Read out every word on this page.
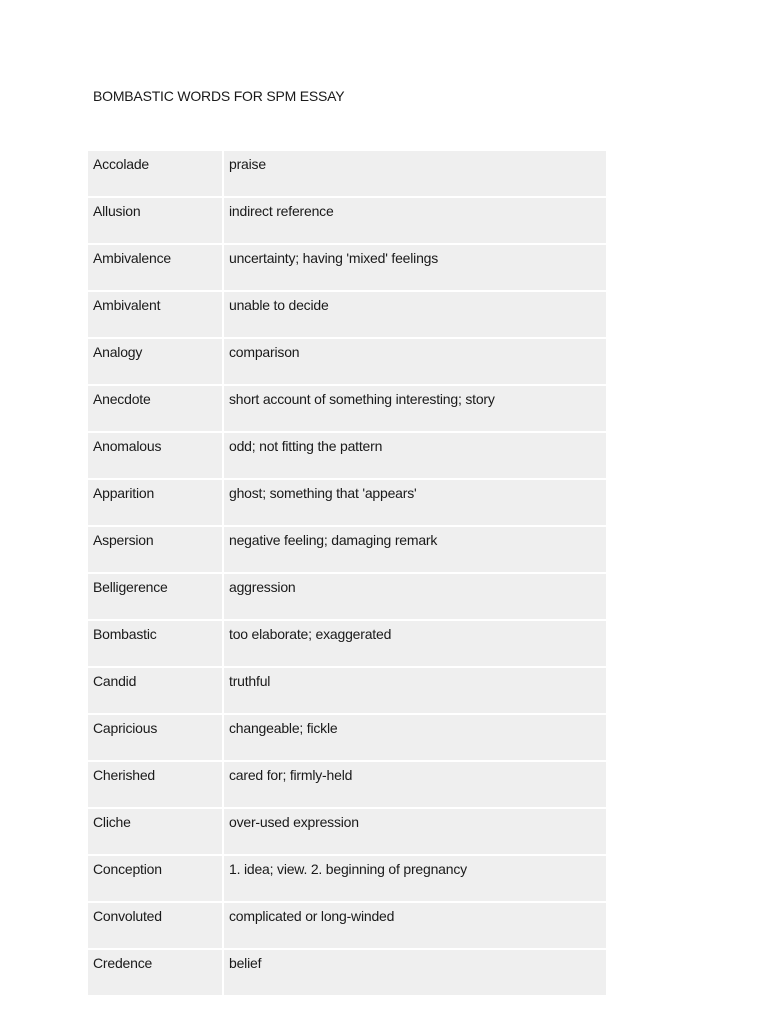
BOMBASTIC WORDS FOR SPM ESSAY
Accolade	praise
Allusion	indirect reference
Ambivalence	uncertainty; having 'mixed' feelings
Ambivalent	unable to decide
Analogy	comparison
Anecdote	short account of something interesting; story
Anomalous	odd; not fitting the pattern
Apparition	ghost; something that 'appears'
Aspersion	negative feeling; damaging remark
Belligerence	aggression
Bombastic	too elaborate; exaggerated
Candid	truthful
Capricious	changeable; fickle
Cherished	cared for; firmly-held
Cliche	over-used expression
Conception	1. idea; view. 2. beginning of pregnancy
Convoluted	complicated or long-winded
Credence	belief
